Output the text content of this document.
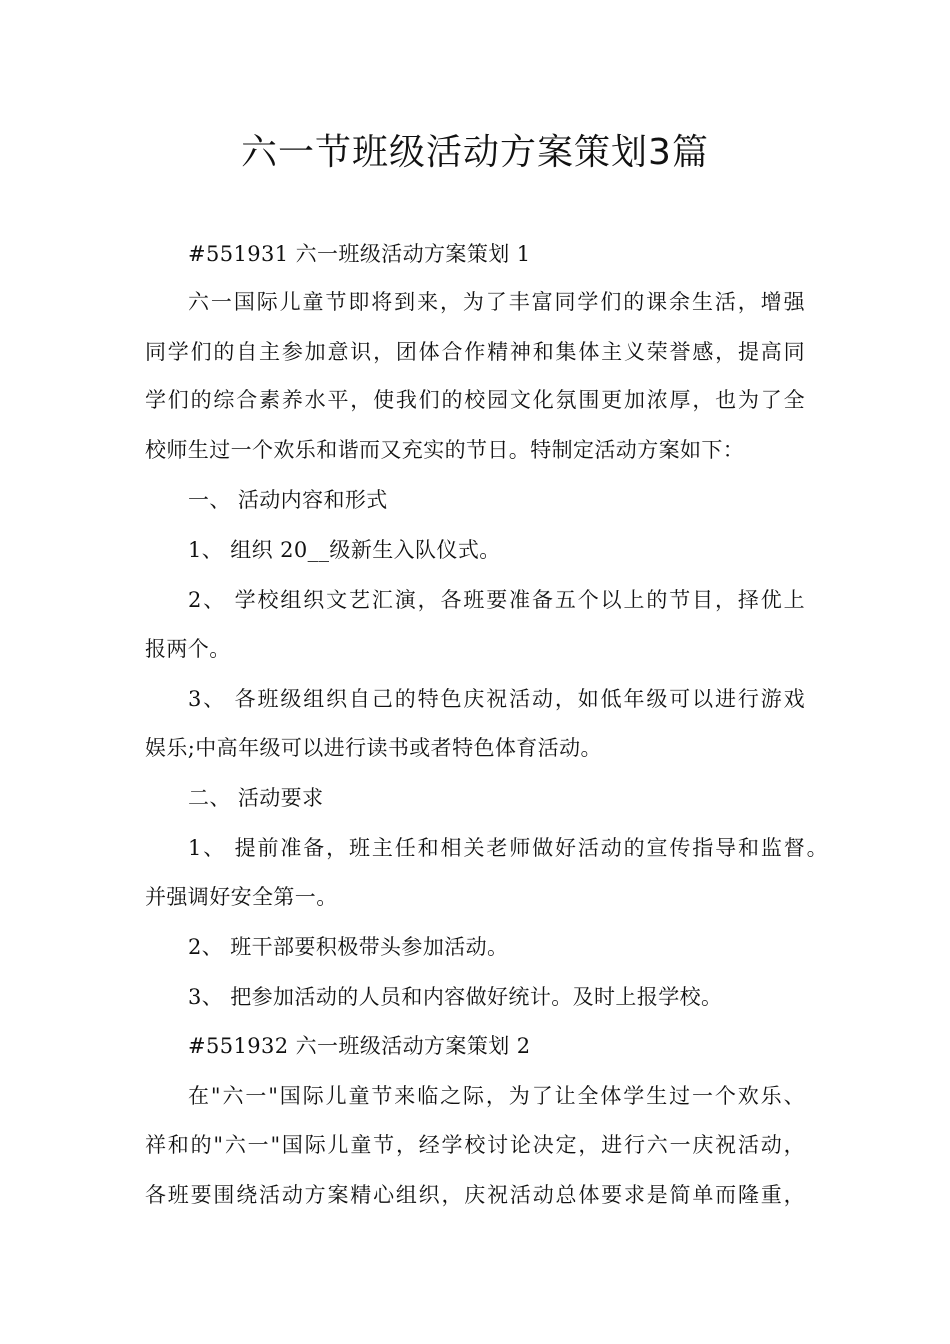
六一节班级活动方案策划3篇
#551931 六一班级活动方案策划 1
六一国际儿童节即将到来，为了丰富同学们的课余生活，增强
同学们的自主参加意识，团体合作精神和集体主义荣誉感，提高同
学们的综合素养水平，使我们的校园文化氛围更加浓厚，也为了全
校师生过一个欢乐和谐而又充实的节日。特制定活动方案如下：
一、 活动内容和形式
1、 组织 20__级新生入队仪式。
2、 学校组织文艺汇演，各班要准备五个以上的节目，择优上
报两个。
3、 各班级组织自己的特色庆祝活动，如低年级可以进行游戏
娱乐;中高年级可以进行读书或者特色体育活动。
二、 活动要求
1、 提前准备，班主任和相关老师做好活动的宣传指导和监督。
并强调好安全第一。
2、 班干部要积极带头参加活动。
3、 把参加活动的人员和内容做好统计。及时上报学校。
#551932 六一班级活动方案策划 2
在"六一"国际儿童节来临之际，为了让全体学生过一个欢乐、
祥和的"六一"国际儿童节，经学校讨论决定，进行六一庆祝活动，
各班要围绕活动方案精心组织，庆祝活动总体要求是简单而隆重，
